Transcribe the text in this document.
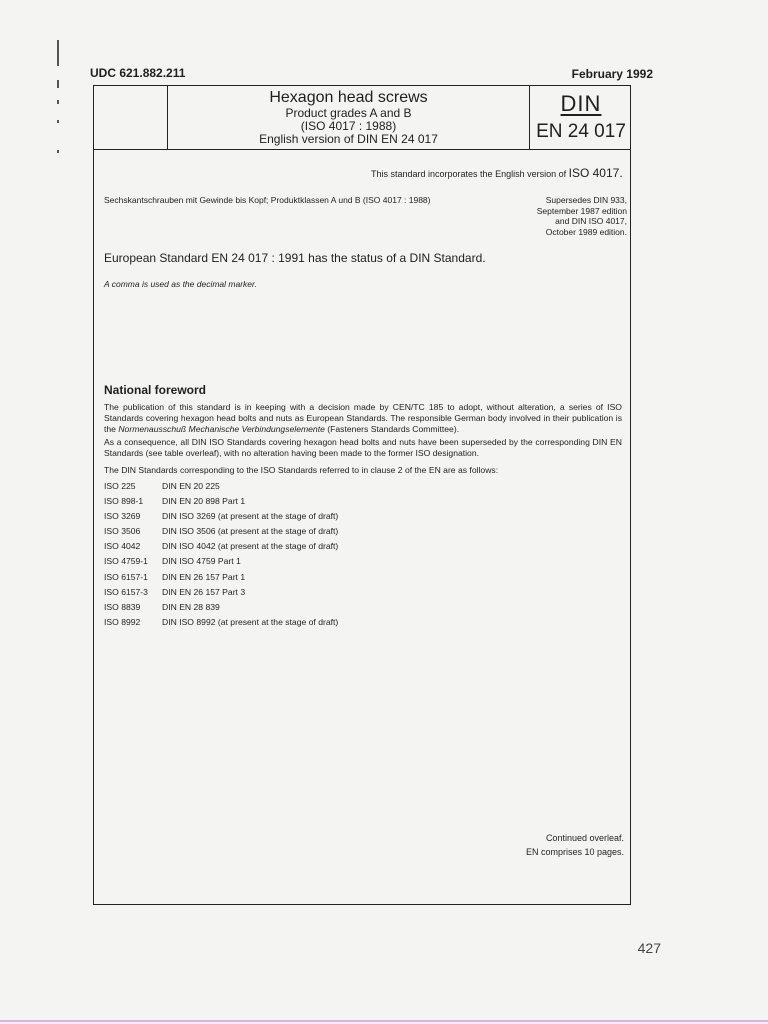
UDC 621.882.211	February 1992
Hexagon head screws
Product grades A and B
(ISO 4017 : 1988)
English version of DIN EN 24 017
DIN
EN 24 017
This standard incorporates the English version of ISO 4017.
Sechskantschrauben mit Gewinde bis Kopf; Produktklassen A und B (ISO 4017 : 1988)	Supersedes DIN 933,
September 1987 edition
and DIN ISO 4017,
October 1989 edition.
European Standard EN 24 017 : 1991 has the status of a DIN Standard.
A comma is used as the decimal marker.
National foreword
The publication of this standard is in keeping with a decision made by CEN/TC 185 to adopt, without alteration, a series of ISO Standards covering hexagon head bolts and nuts as European Standards. The responsible German body involved in their publication is the Normenausschuß Mechanische Verbindungselemente (Fasteners Standards Committee).
As a consequence, all DIN ISO Standards covering hexagon head bolts and nuts have been superseded by the corresponding DIN EN Standards (see table overleaf), with no alteration having been made to the former ISO designation.
The DIN Standards corresponding to the ISO Standards referred to in clause 2 of the EN are as follows:
ISO 225	DIN EN 20 225
ISO 898-1	DIN EN 20 898 Part 1
ISO 3269	DIN ISO 3269 (at present at the stage of draft)
ISO 3506	DIN ISO 3506 (at present at the stage of draft)
ISO 4042	DIN ISO 4042 (at present at the stage of draft)
ISO 4759-1	DIN ISO 4759 Part 1
ISO 6157-1	DIN EN 26 157 Part 1
ISO 6157-3	DIN EN 26 157 Part 3
ISO 8839	DIN EN 28 839
ISO 8992	DIN ISO 8992 (at present at the stage of draft)
Continued overleaf.
EN comprises 10 pages.
427
